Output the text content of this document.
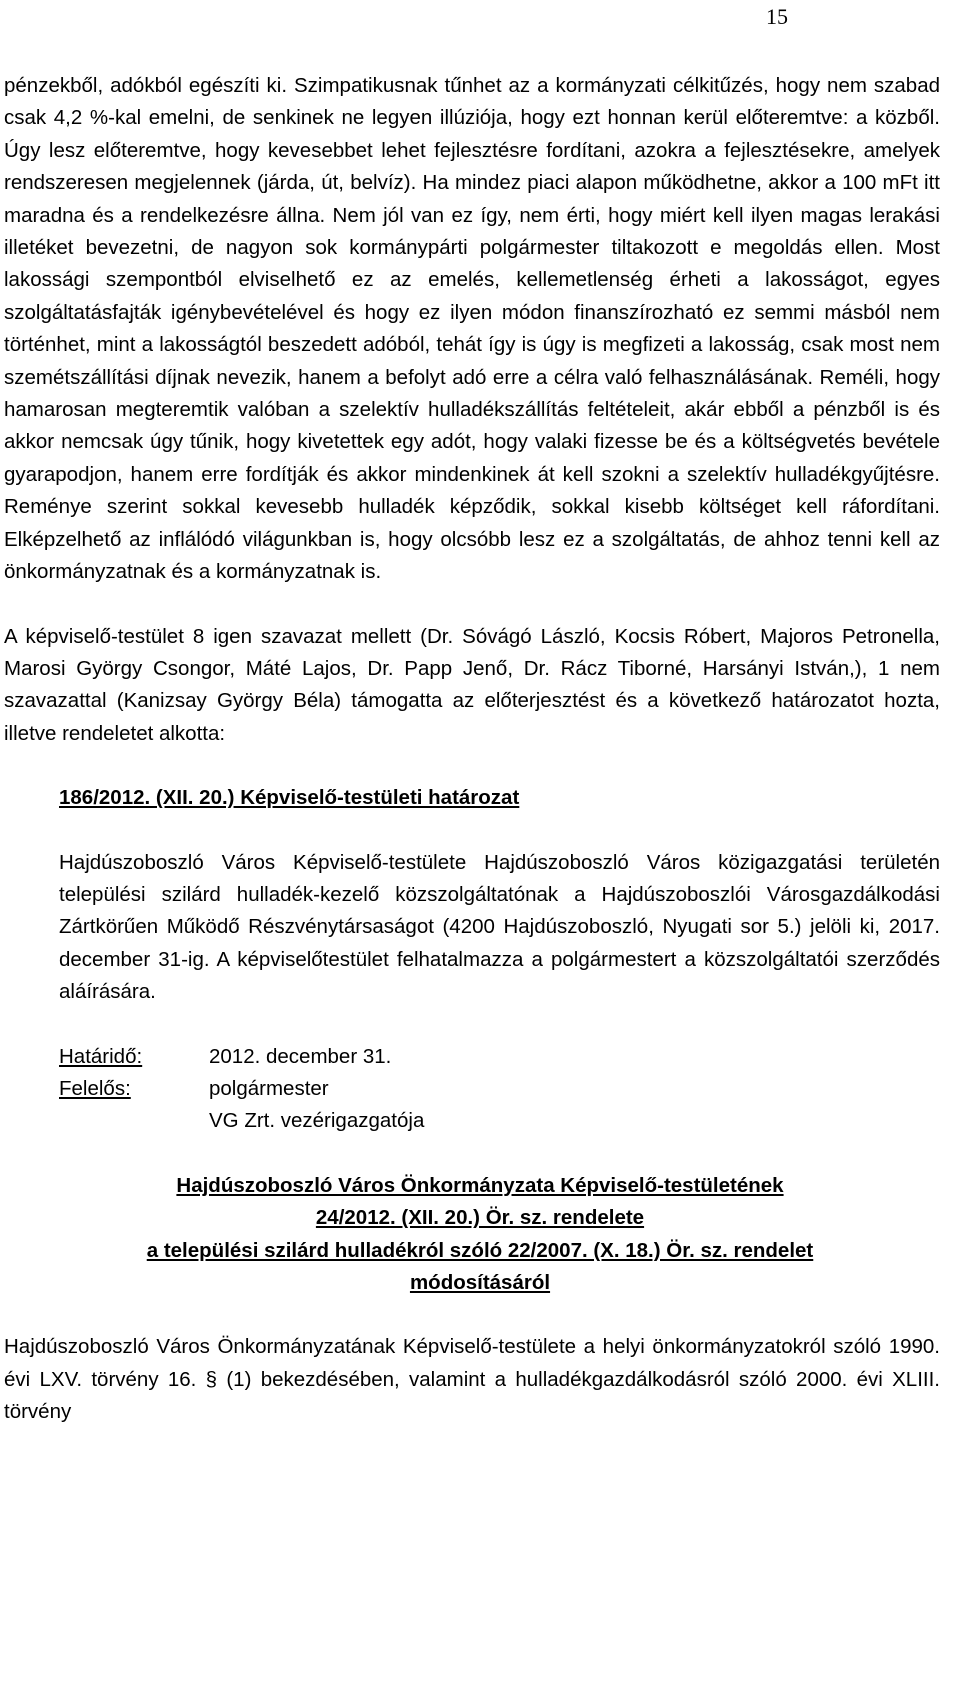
15

pénzekből, adókból egészíti ki. Szimpatikusnak tűnhet az a kormányzati célkitűzés, hogy nem szabad csak 4,2 %-kal emelni, de senkinek ne legyen illúziója, hogy ezt honnan kerül előteremtve: a közből. Úgy lesz előteremtve, hogy kevesebbet lehet fejlesztésre fordítani, azokra a fejlesztésekre, amelyek rendszeresen megjelennek (járda, út, belvíz). Ha mindez piaci alapon működhetne, akkor a 100 mFt itt maradna és a rendelkezésre állna. Nem jól van ez így, nem érti, hogy miért kell ilyen magas lerakási illetéket bevezetni, de nagyon sok kormánypárti polgármester tiltakozott e megoldás ellen. Most lakossági szempontból elviselhető ez az emelés, kellemetlenség érheti a lakosságot, egyes szolgáltatásfajták igénybevételével és hogy ez ilyen módon finanszírozható ez semmi másból nem történhet, mint a lakosságtól beszedett adóból, tehát így is úgy is megfizeti a lakosság, csak most nem szemétszállítási díjnak nevezik, hanem a befolyt adó erre a célra való felhasználásának. Reméli, hogy hamarosan megteremtik valóban a szelektív hulladékszállítás feltételeit, akár ebből a pénzből is és akkor nemcsak úgy tűnik, hogy kivetettek egy adót, hogy valaki fizesse be és a költségvetés bevétele gyarapodjon, hanem erre fordítják és akkor mindenkinek át kell szokni a szelektív hulladékgyűjtésre. Reménye szerint sokkal kevesebb hulladék képződik, sokkal kisebb költséget kell ráfordítani. Elképzelhető az inflálódó világunkban is, hogy olcsóbb lesz ez a szolgáltatás, de ahhoz tenni kell az önkormányzatnak és a kormányzatnak is.

A képviselő-testület 8 igen szavazat mellett (Dr. Sóvágó László, Kocsis Róbert, Majoros Petronella, Marosi György Csongor, Máté Lajos, Dr. Papp Jenő, Dr. Rácz Tiborné, Harsányi István,), 1 nem szavazattal (Kanizsay György Béla) támogatta az előterjesztést és a következő határozatot hozta, illetve rendeletet alkotta:

186/2012. (XII. 20.) Képviselő-testületi határozat

Hajdúszoboszló Város Képviselő-testülete Hajdúszoboszló Város közigazgatási területén települési szilárd hulladék-kezelő közszolgáltatónak a Hajdúszoboszlói Városgazdálkodási Zártkörűen Működő Részvénytársaságot (4200 Hajdúszoboszló, Nyugati sor 5.) jelöli ki, 2017. december 31-ig. A képviselőtestület felhatalmazza a polgármestert a közszolgáltatói szerződés aláírására.

Határidő:	2012. december 31.
Felelős:	polgármester
VG Zrt. vezérigazgatója

Hajdúszoboszló Város Önkormányzata Képviselő-testületének

24/2012. (XII. 20.) Ör. sz. rendelete

a települési szilárd hulladékról szóló 22/2007. (X. 18.) Ör. sz. rendelet

módosításáról

Hajdúszoboszló Város Önkormányzatának Képviselő-testülete a helyi önkormányzatokról szóló 1990. évi LXV. törvény 16. § (1) bekezdésében, valamint a hulladékgazdálkodásról szóló 2000. évi XLIII. törvény
